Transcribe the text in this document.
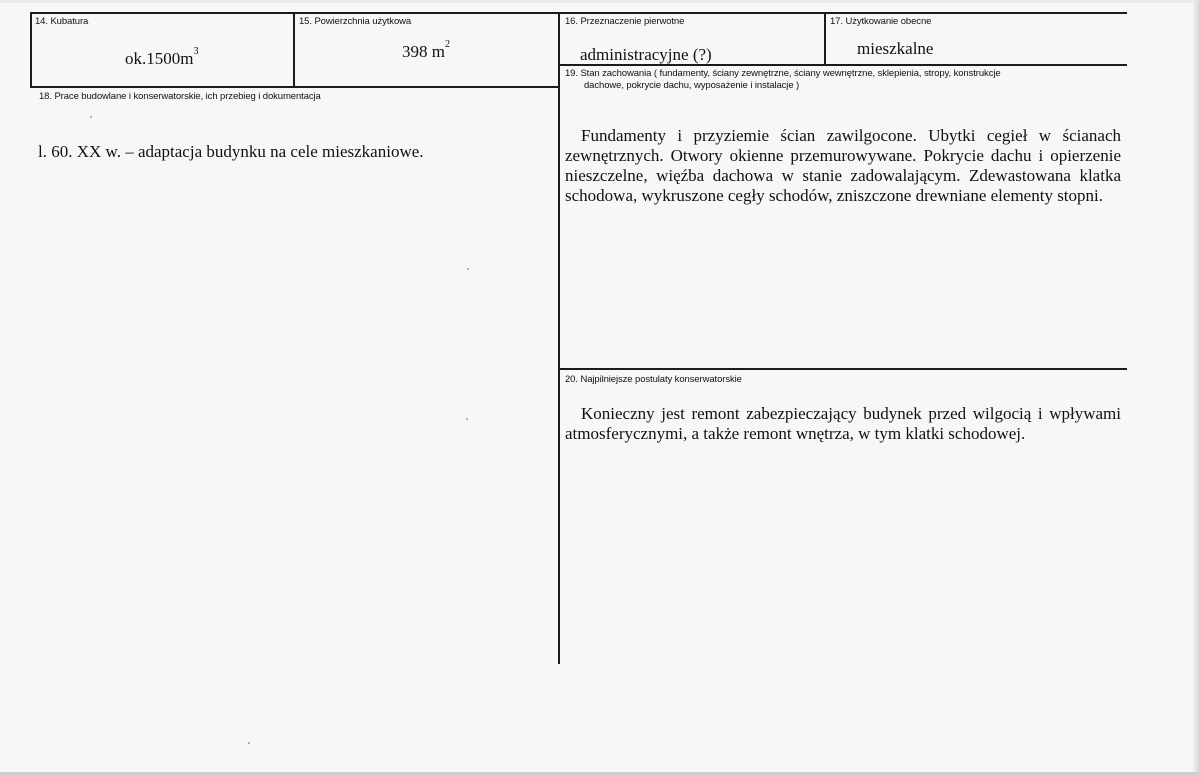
14. Kubatura
$ok.1500m^3$
15. Powierzchnia użytkowa
398 $m^2$
16. Przeznaczenie pierwotne
administracyjne (?)
17. Użytkowanie obecne
mieszkalne
18. Prace budowlane i konserwatorskie, ich przebieg i dokumentacja
l. 60. XX w. – adaptacja budynku na cele mieszkaniowe.
19. Stan zachowania ( fundamenty, ściany zewnętrzne, ściany wewnętrzne, sklepienia, stropy, konstrukcje
dachowe, pokrycie dachu, wyposażenie i instalacje )
Fundamenty i przyziemie ścian zawilgocone. Ubytki cegieł w ścianach zewnętrznych. Otwory okienne przemurowywane. Pokrycie dachu i opierzenie nieszczelne, więźba dachowa w stanie zadowalającym. Zdewastowana klatka schodowa, wykruszone cegły schodów, zniszczone drewniane elementy stopni.
20. Najpilniejsze postulaty konserwatorskie
Konieczny jest remont zabezpieczający budynek przed wilgocią i wpływami atmosferycznymi, a także remont wnętrza, w tym klatki schodowej.
